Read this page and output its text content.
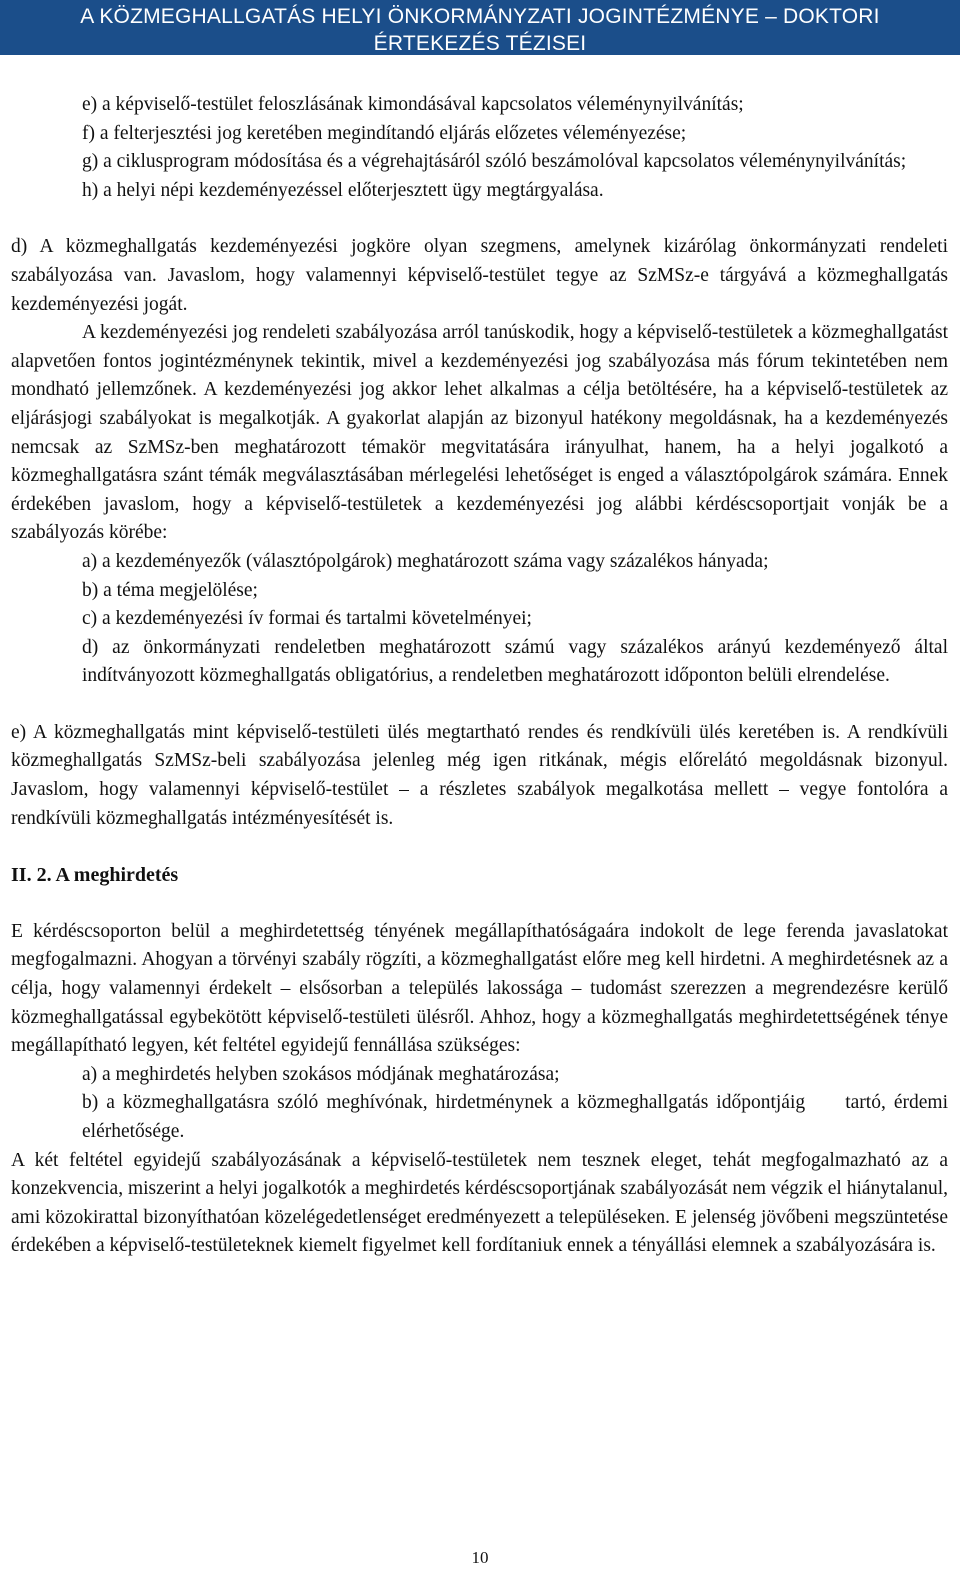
A KÖZMEGHALLGATÁS HELYI ÖNKORMÁNYZATI JOGINTÉZMÉNYE – DOKTORI
ÉRTEKEZÉS TÉZISEI

e) a képviselő-testület feloszlásának kimondásával kapcsolatos véleménynyilvánítás;

f) a felterjesztési jog keretében megindítandó eljárás előzetes véleményezése;

g) a ciklusprogram módosítása és a végrehajtásáról szóló beszámolóval kapcsolatos véleménynyilvánítás;

h) a helyi népi kezdeményezéssel előterjesztett ügy megtárgyalása.

d) A közmeghallgatás kezdeményezési jogköre olyan szegmens, amelynek kizárólag önkormányzati rendeleti szabályozása van. Javaslom, hogy valamennyi képviselő-testület tegye az SzMSz-e tárgyává a közmeghallgatás kezdeményezési jogát.

A kezdeményezési jog rendeleti szabályozása arról tanúskodik, hogy a képviselő-testületek a közmeghallgatást alapvetően fontos jogintézménynek tekintik, mivel a kezdeményezési jog szabályozása más fórum tekintetében nem mondható jellemzőnek. A kezdeményezési jog akkor lehet alkalmas a célja betöltésére, ha a képviselő-testületek az eljárásjogi szabályokat is megalkotják. A gyakorlat alapján az bizonyul hatékony megoldásnak, ha a kezdeményezés nemcsak az SzMSz-ben meghatározott témakör megvitatására irányulhat, hanem, ha a helyi jogalkotó a közmeghallgatásra szánt témák megválasztásában mérlegelési lehetőséget is enged a választópolgárok számára. Ennek érdekében javaslom, hogy a képviselő-testületek a kezdeményezési jog alábbi kérdéscsoportjait vonják be a szabályozás körébe:

a) a kezdeményezők (választópolgárok) meghatározott száma vagy százalékos hányada;

b) a téma megjelölése;

c) a kezdeményezési ív formai és tartalmi követelményei;

d) az önkormányzati rendeletben meghatározott számú vagy százalékos arányú kezdeményező által indítványozott közmeghallgatás obligatórius, a rendeletben meghatározott időponton belüli elrendelése.

e) A közmeghallgatás mint képviselő-testületi ülés megtartható rendes és rendkívüli ülés keretében is. A rendkívüli közmeghallgatás SzMSz-beli szabályozása jelenleg még igen ritkának, mégis előrelátó megoldásnak bizonyul. Javaslom, hogy valamennyi képviselő-testület – a részletes szabályok megalkotása mellett – vegye fontolóra a rendkívüli közmeghallgatás intézményesítését is.

II. 2. A meghirdetés

E kérdéscsoporton belül a meghirdetettség tényének megállapíthatóságaára indokolt de lege ferenda javaslatokat megfogalmazni. Ahogyan a törvényi szabály rögzíti, a közmeghallgatást előre meg kell hirdetni. A meghirdetésnek az a célja, hogy valamennyi érdekelt – elsősorban a település lakossága – tudomást szerezzen a megrendezésre kerülő közmeghallgatással egybekötött képviselő-testületi ülésről. Ahhoz, hogy a közmeghallgatás meghirdetettségének ténye megállapítható legyen, két feltétel egyidejű fennállása szükséges:

a) a meghirdetés helyben szokásos módjának meghatározása;

b) a közmeghallgatásra szóló meghívónak, hirdetménynek a közmeghallgatás időpontjáig     tartó, érdemi elérhetősége.

A két feltétel egyidejű szabályozásának a képviselő-testületek nem tesznek eleget, tehát megfogalmazható az a konzekvencia, miszerint a helyi jogalkotók a meghirdetés kérdéscsoportjának szabályozását nem végzik el hiánytalanul, ami közokirattal bizonyíthatóan közelégedetlenséget eredményezett a településeken. E jelenség jövőbeni megszüntetése érdekében a képviselő-testületeknek kiemelt figyelmet kell fordítaniuk ennek a tényállási elemnek a szabályozására is.

10
